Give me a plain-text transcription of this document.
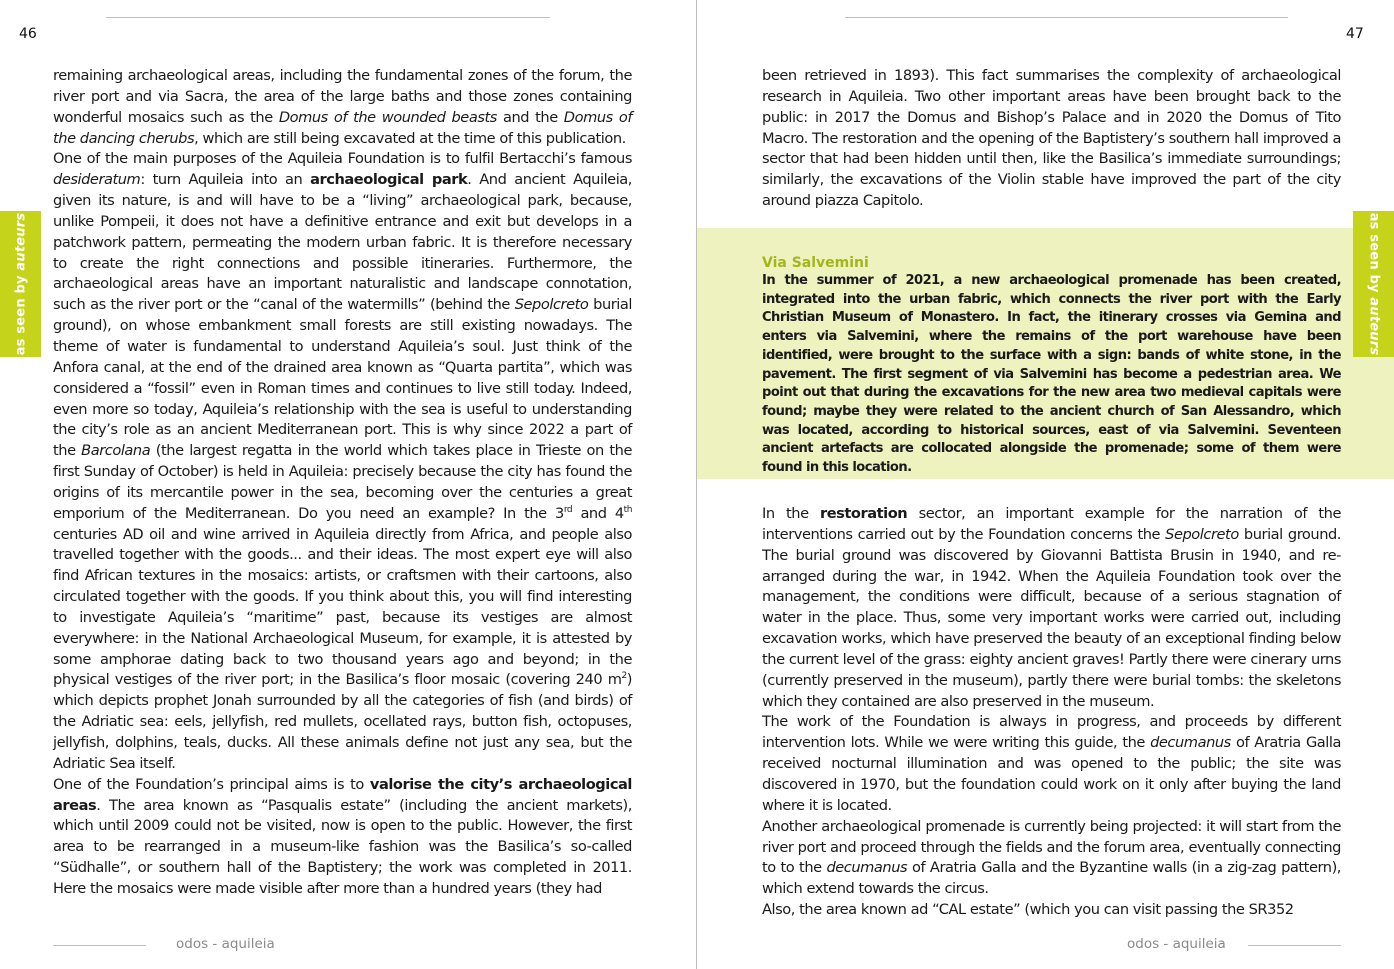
46
as seen by auteurs

remaining archaeological areas, including the fundamental zones of the forum, the river port and via Sacra, the area of the large baths and those zones containing wonderful mosaics such as the Domus of the wounded beasts and the Domus of the dancing cherubs, which are still being excavated at the time of this publication.

One of the main purposes of the Aquileia Foundation is to fulfil Bertacchi’s famous desideratum: turn Aquileia into an archaeological park. And ancient Aquileia, given its nature, is and will have to be a “living” archaeological park, because, unlike Pompeii, it does not have a definitive entrance and exit but develops in a patchwork pattern, permeating the modern urban fabric. It is therefore necessary to create the right connections and possible itineraries. Furthermore, the archaeological areas have an important naturalistic and landscape connotation, such as the river port or the “canal of the watermills” (behind the Sepolcreto burial ground), on whose embankment small forests are still existing nowadays. The theme of water is fundamental to understand Aquileia’s soul. Just think of the Anfora canal, at the end of the drained area known as “Quarta partita”, which was considered a “fossil” even in Roman times and continues to live still today. Indeed, even more so today, Aquileia’s relationship with the sea is useful to understanding the city’s role as an ancient Mediterranean port. This is why since 2022 a part of the Barcolana (the largest regatta in the world which takes place in Trieste on the first Sunday of October) is held in Aquileia: precisely because the city has found the origins of its mercantile power in the sea, becoming over the centuries a great emporium of the Mediterranean. Do you need an example? In the 3rd and 4th centuries AD oil and wine arrived in Aquileia directly from Africa, and people also travelled together with the goods... and their ideas. The most expert eye will also find African textures in the mosaics: artists, or craftsmen with their cartoons, also circulated together with the goods. If you think about this, you will find interesting to investigate Aquileia’s “maritime” past, because its vestiges are almost everywhere: in the National Archaeological Museum, for example, it is attested by some amphorae dating back to two thousand years ago and beyond; in the physical vestiges of the river port; in the Basilica’s floor mosaic (covering 240 $m^2$) which depicts prophet Jonah surrounded by all the categories of fish (and birds) of the Adriatic sea: eels, jellyfish, red mullets, ocellated rays, button fish, octopuses, jellyfish, dolphins, teals, ducks. All these animals define not just any sea, but the Adriatic Sea itself.

One of the Foundation’s principal aims is to valorise the city’s archaeological areas. The area known as “Pasqualis estate” (including the ancient markets), which until 2009 could not be visited, now is open to the public. However, the first area to be rearranged in a museum-like fashion was the Basilica’s so-called “Südhalle”, or southern hall of the Baptistery; the work was completed in 2011. Here the mosaics were made visible after more than a hundred years (they had

odos - aquileia
47

been retrieved in 1893). This fact summarises the complexity of archaeological research in Aquileia. Two other important areas have been brought back to the public: in 2017 the Domus and Bishop’s Palace and in 2020 the Domus of Tito Macro. The restoration and the opening of the Baptistery’s southern hall improved a sector that had been hidden until then, like the Basilica’s immediate surroundings; similarly, the excavations of the Violin stable have improved the part of the city around piazza Capitolo.

Via Salvemini

In the summer of 2021, a new archaeological promenade has been created, integrated into the urban fabric, which connects the river port with the Early Christian Museum of Monastero. In fact, the itinerary crosses via Gemina and enters via Salvemini, where the remains of the port warehouse have been identified, were brought to the surface with a sign: bands of white stone, in the pavement. The first segment of via Salvemini has become a pedestrian area. We point out that during the excavations for the new area two medieval capitals were found; maybe they were related to the ancient church of San Alessandro, which was located, according to historical sources, east of via Salvemini. Seventeen ancient artefacts are collocated alongside the promenade; some of them were found in this location.

as seen by auteurs

In the restoration sector, an important example for the narration of the interventions carried out by the Foundation concerns the Sepolcreto burial ground. The burial ground was discovered by Giovanni Battista Brusin in 1940, and re-arranged during the war, in 1942. When the Aquileia Foundation took over the management, the conditions were difficult, because of a serious stagnation of water in the place. Thus, some very important works were carried out, including excavation works, which have preserved the beauty of an exceptional finding below the current level of the grass: eighty ancient graves! Partly there were cinerary urns (currently preserved in the museum), partly there were burial tombs: the skeletons which they contained are also preserved in the museum.

The work of the Foundation is always in progress, and proceeds by different intervention lots. While we were writing this guide, the decumanus of Aratria Galla received nocturnal illumination and was opened to the public; the site was discovered in 1970, but the foundation could work on it only after buying the land where it is located.

Another archaeological promenade is currently being projected: it will start from the river port and proceed through the fields and the forum area, eventually connecting to to the decumanus of Aratria Galla and the Byzantine walls (in a zig-zag pattern), which extend towards the circus.

Also, the area known ad “CAL estate” (which you can visit passing the SR352

odos - aquileia
